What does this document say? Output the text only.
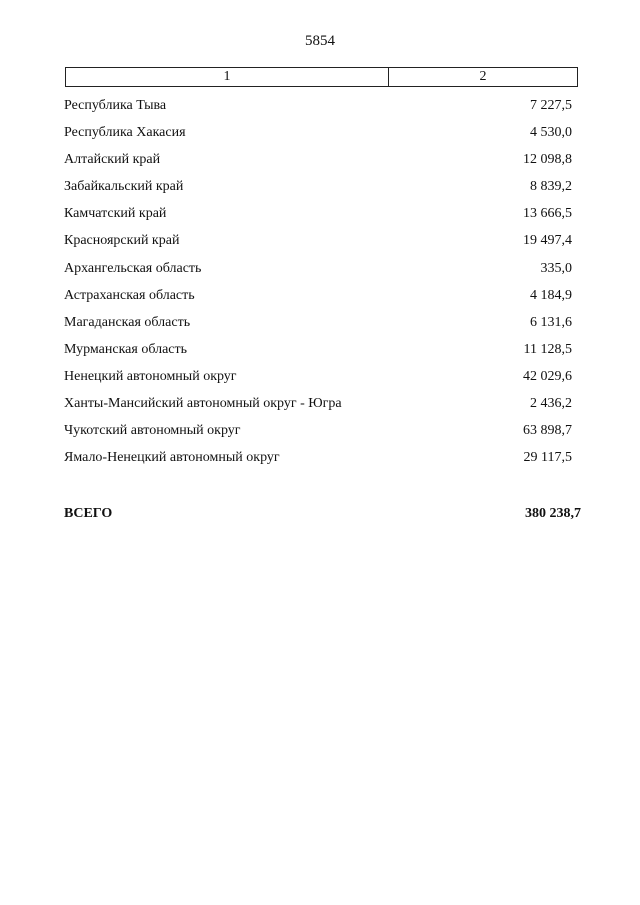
5854
1	2
Республика Тыва	7 227,5
Республика Хакасия	4 530,0
Алтайский край	12 098,8
Забайкальский край	8 839,2
Камчатский край	13 666,5
Красноярский край	19 497,4
Архангельская область	335,0
Астраханская область	4 184,9
Магаданская область	6 131,6
Мурманская область	11 128,5
Ненецкий автономный округ	42 029,6
Ханты-Мансийский автономный округ - Югра	2 436,2
Чукотский автономный округ	63 898,7
Ямало-Ненецкий автономный округ	29 117,5
ВСЕГО	380 238,7
